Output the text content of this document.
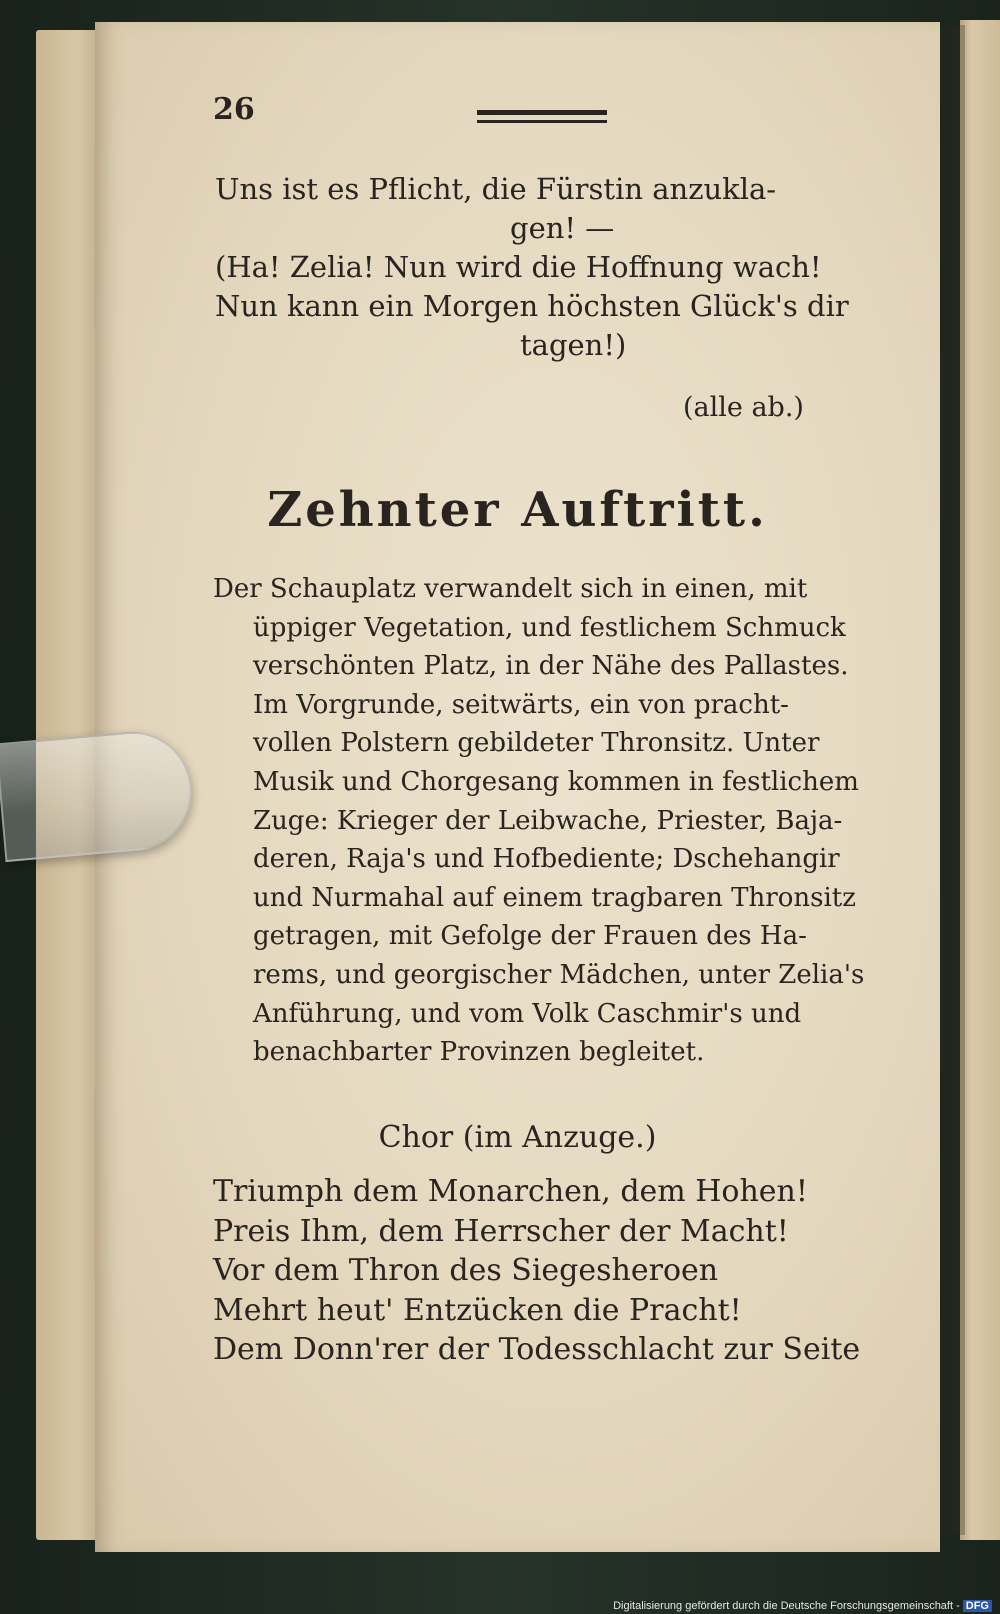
26
Uns ist es Pflicht, die Fürstin anzukla-
gen! —
(Ha! Zelia! Nun wird die Hoffnung wach!
Nun kann ein Morgen höchsten Glück's dir
tagen!)
(alle ab.)
Zehnter Auftritt.
Der Schauplatz verwandelt sich in einen, mit
üppiger Vegetation, und festlichem Schmuck
verschönten Platz, in der Nähe des Pallastes.
Im Vorgrunde, seitwärts, ein von pracht-
vollen Polstern gebildeter Thronsitz. Unter
Musik und Chorgesang kommen in festlichem
Zuge: Krieger der Leibwache, Priester, Baja-
deren, Raja's und Hofbediente; Dschehangir
und Nurmahal auf einem tragbaren Thronsitz
getragen, mit Gefolge der Frauen des Ha-
rems, und georgischer Mädchen, unter Zelia's
Anführung, und vom Volk Caschmir's und
benachbarter Provinzen begleitet.
Chor (im Anzuge.)
Triumph dem Monarchen, dem Hohen!
Preis Ihm, dem Herrscher der Macht!
Vor dem Thron des Siegesheroen
Mehrt heut' Entzücken die Pracht!
Dem Donn'rer der Todesschlacht zur Seite
Digitalisierung gefördert durch die Deutsche Forschungsgemeinschaft - DFG
